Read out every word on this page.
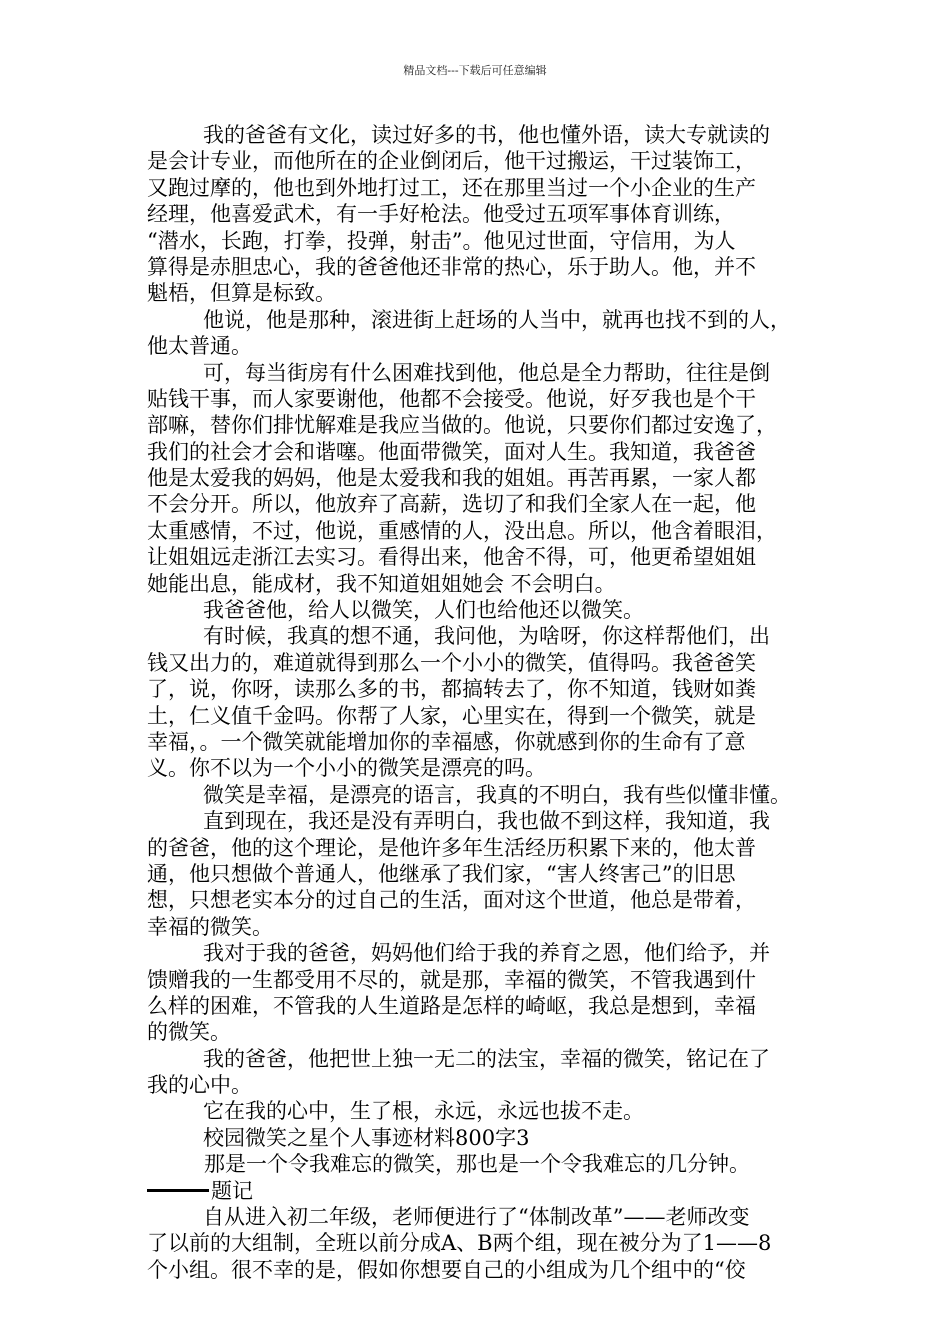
精品文档---下载后可任意编辑
我的爸爸有文化，读过好多的书，他也懂外语，读大专就读的
是会计专业，而他所在的企业倒闭后，他干过搬运，干过装饰工，
又跑过摩的，他也到外地打过工，还在那里当过一个小企业的生产
经理，他喜爱武术，有一手好枪法。他受过五项军事体育训练，
“潜水，长跑，打拳，投弹，射击”。他见过世面，守信用，为人
算得是赤胆忠心，我的爸爸他还非常的热心，乐于助人。他，并不
魁梧，但算是标致。
他说，他是那种，滚进街上赶场的人当中，就再也找不到的人，
他太普通。
可，每当街房有什么困难找到他，他总是全力帮助，往往是倒
贴钱干事，而人家要谢他，他都不会接受。他说，好歹我也是个干
部嘛，替你们排忧解难是我应当做的。他说，只要你们都过安逸了，
我们的社会才会和谐噻。他面带微笑，面对人生。我知道，我爸爸
他是太爱我的妈妈，他是太爱我和我的姐姐。再苦再累，一家人都
不会分开。所以，他放弃了高薪，选切了和我们全家人在一起，他
太重感情，不过，他说，重感情的人，没出息。所以，他含着眼泪，
让姐姐远走浙江去实习。看得出来，他舍不得，可，他更希望姐姐
她能出息，能成材，我不知道姐姐她会 不会明白。
我爸爸他，给人以微笑，人们也给他还以微笑。
有时候，我真的想不通，我问他，为啥呀，你这样帮他们，出
钱又出力的，难道就得到那么一个小小的微笑，值得吗。我爸爸笑
了，说，你呀，读那么多的书，都搞转去了，你不知道，钱财如粪
土，仁义值千金吗。你帮了人家，心里实在，得到一个微笑，就是
幸福，。一个微笑就能增加你的幸福感，你就感到你的生命有了意
义。你不以为一个小小的微笑是漂亮的吗。
微笑是幸福，是漂亮的语言，我真的不明白，我有些似懂非懂。
直到现在，我还是没有弄明白，我也做不到这样，我知道，我
的爸爸，他的这个理论，是他许多年生活经历积累下来的，他太普
通，他只想做个普通人，他继承了我们家，“害人终害己”的旧思
想，只想老实本分的过自己的生活，面对这个世道，他总是带着，
幸福的微笑。
我对于我的爸爸，妈妈他们给于我的养育之恩，他们给予，并
馈赠我的一生都受用不尽的，就是那，幸福的微笑，不管我遇到什
么样的困难，不管我的人生道路是怎样的崎岖，我总是想到，幸福
的微笑。
我的爸爸，他把世上独一无二的法宝，幸福的微笑，铭记在了
我的心中。
它在我的心中，生了根，永远，永远也拔不走。
校园微笑之星个人事迹材料800字3
那是一个令我难忘的微笑，那也是一个令我难忘的几分钟。
题记
自从进入初二年级，老师便进行了“体制改革”——老师改变
了以前的大组制，全班以前分成A、B两个组，现在被分为了1——8
个小组。很不幸的是，假如你想要自己的小组成为几个组中的“佼
